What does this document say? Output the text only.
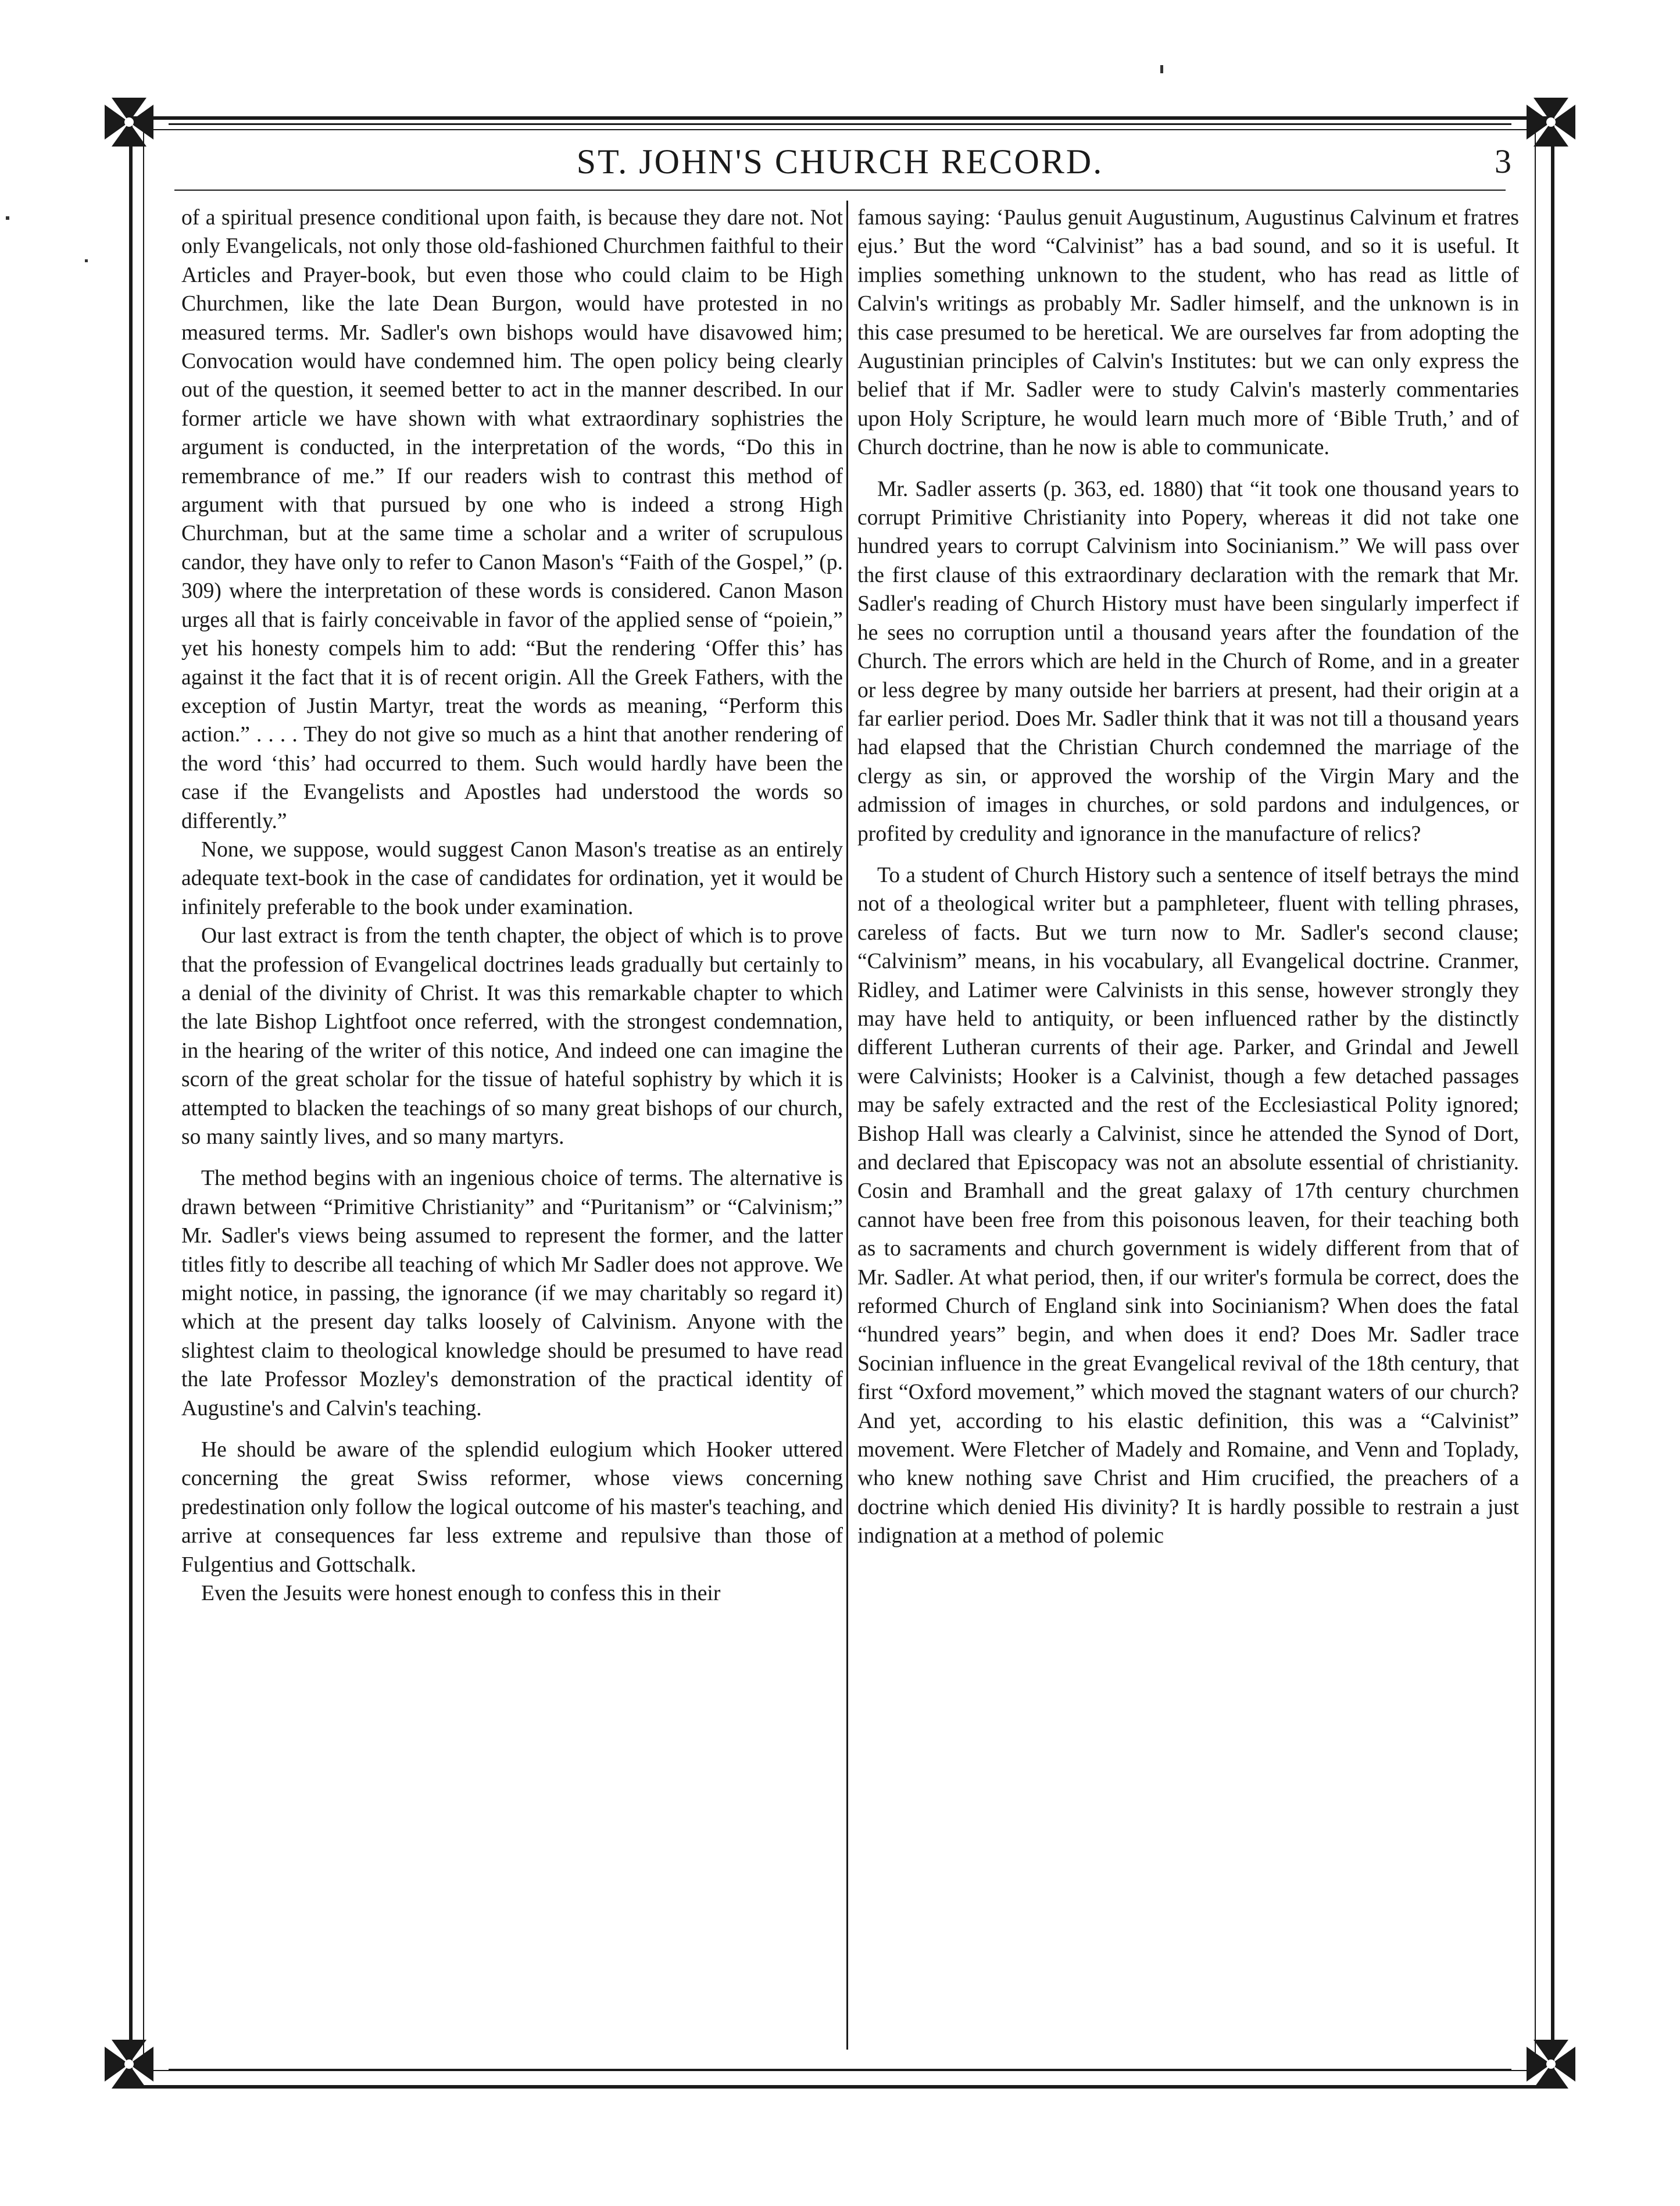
ST. JOHN'S CHURCH RECORD.	3

of a spiritual presence conditional upon faith, is because they dare not. Not only Evangelicals, not only those old-fashioned Churchmen faithful to their Articles and Prayer-book, but even those who could claim to be High Churchmen, like the late Dean Burgon, would have protested in no measured terms. Mr. Sadler's own bishops would have disavowed him; Convocation would have condemned him. The open policy being clearly out of the question, it seemed better to act in the manner described. In our former article we have shown with what extraordinary sophistries the argument is conducted, in the interpretation of the words, “Do this in remembrance of me.” If our readers wish to contrast this method of argument with that pursued by one who is indeed a strong High Churchman, but at the same time a scholar and a writer of scrupulous candor, they have only to refer to Canon Mason's “Faith of the Gospel,” (p. 309) where the interpretation of these words is considered. Canon Mason urges all that is fairly conceivable in favor of the applied sense of “poiein,” yet his honesty compels him to add: “But the rendering ‘Offer this’ has against it the fact that it is of recent origin. All the Greek Fathers, with the exception of Justin Martyr, treat the words as meaning, “Perform this action.” . . . . They do not give so much as a hint that another rendering of the word ‘this’ had occurred to them. Such would hardly have been the case if the Evangelists and Apostles had understood the words so differently.”

None, we suppose, would suggest Canon Mason's treatise as an entirely adequate text-book in the case of candidates for ordination, yet it would be infinitely preferable to the book under examination.

Our last extract is from the tenth chapter, the object of which is to prove that the profession of Evangelical doctrines leads gradually but certainly to a denial of the divinity of Christ. It was this remarkable chapter to which the late Bishop Lightfoot once referred, with the strongest condemnation, in the hearing of the writer of this notice, And indeed one can imagine the scorn of the great scholar for the tissue of hateful sophistry by which it is attempted to blacken the teachings of so many great bishops of our church, so many saintly lives, and so many martyrs.

The method begins with an ingenious choice of terms. The alternative is drawn between “Primitive Christianity” and “Puritanism” or “Calvinism;” Mr. Sadler's views being assumed to represent the former, and the latter titles fitly to describe all teaching of which Mr Sadler does not approve. We might notice, in passing, the ignorance (if we may charitably so regard it) which at the present day talks loosely of Calvinism. Anyone with the slightest claim to theological knowledge should be presumed to have read the late Professor Mozley's demonstration of the practical identity of Augustine's and Calvin's teaching.

He should be aware of the splendid eulogium which Hooker uttered concerning the great Swiss reformer, whose views concerning predestination only follow the logical outcome of his master's teaching, and arrive at consequences far less extreme and repulsive than those of Fulgentius and Gottschalk.

Even the Jesuits were honest enough to confess this in their

famous saying: ‘Paulus genuit Augustinum, Augustinus Calvinum et fratres ejus.’ But the word “Calvinist” has a bad sound, and so it is useful. It implies something unknown to the student, who has read as little of Calvin's writings as probably Mr. Sadler himself, and the unknown is in this case presumed to be heretical. We are ourselves far from adopting the Augustinian principles of Calvin's Institutes: but we can only express the belief that if Mr. Sadler were to study Calvin's masterly commentaries upon Holy Scripture, he would learn much more of ‘Bible Truth,’ and of Church doctrine, than he now is able to communicate.

Mr. Sadler asserts (p. 363, ed. 1880) that “it took one thousand years to corrupt Primitive Christianity into Popery, whereas it did not take one hundred years to corrupt Calvinism into Socinianism.” We will pass over the first clause of this extraordinary declaration with the remark that Mr. Sadler's reading of Church History must have been singularly imperfect if he sees no corruption until a thousand years after the foundation of the Church. The errors which are held in the Church of Rome, and in a greater or less degree by many outside her barriers at present, had their origin at a far earlier period. Does Mr. Sadler think that it was not till a thousand years had elapsed that the Christian Church condemned the marriage of the clergy as sin, or approved the worship of the Virgin Mary and the admission of images in churches, or sold pardons and indulgences, or profited by credulity and ignorance in the manufacture of relics?

To a student of Church History such a sentence of itself betrays the mind not of a theological writer but a pamphleteer, fluent with telling phrases, careless of facts. But we turn now to Mr. Sadler's second clause; “Calvinism” means, in his vocabulary, all Evangelical doctrine. Cranmer, Ridley, and Latimer were Calvinists in this sense, however strongly they may have held to antiquity, or been influenced rather by the distinctly different Lutheran currents of their age. Parker, and Grindal and Jewell were Calvinists; Hooker is a Calvinist, though a few detached passages may be safely extracted and the rest of the Ecclesiastical Polity ignored; Bishop Hall was clearly a Calvinist, since he attended the Synod of Dort, and declared that Episcopacy was not an absolute essential of christianity. Cosin and Bramhall and the great galaxy of 17th century churchmen cannot have been free from this poisonous leaven, for their teaching both as to sacraments and church government is widely different from that of Mr. Sadler. At what period, then, if our writer's formula be correct, does the reformed Church of England sink into Socinianism? When does the fatal “hundred years” begin, and when does it end? Does Mr. Sadler trace Socinian influence in the great Evangelical revival of the 18th century, that first “Oxford movement,” which moved the stagnant waters of our church? And yet, according to his elastic definition, this was a “Calvinist” movement. Were Fletcher of Madely and Romaine, and Venn and Toplady, who knew nothing save Christ and Him crucified, the preachers of a doctrine which denied His divinity? It is hardly possible to restrain a just indignation at a method of polemic
